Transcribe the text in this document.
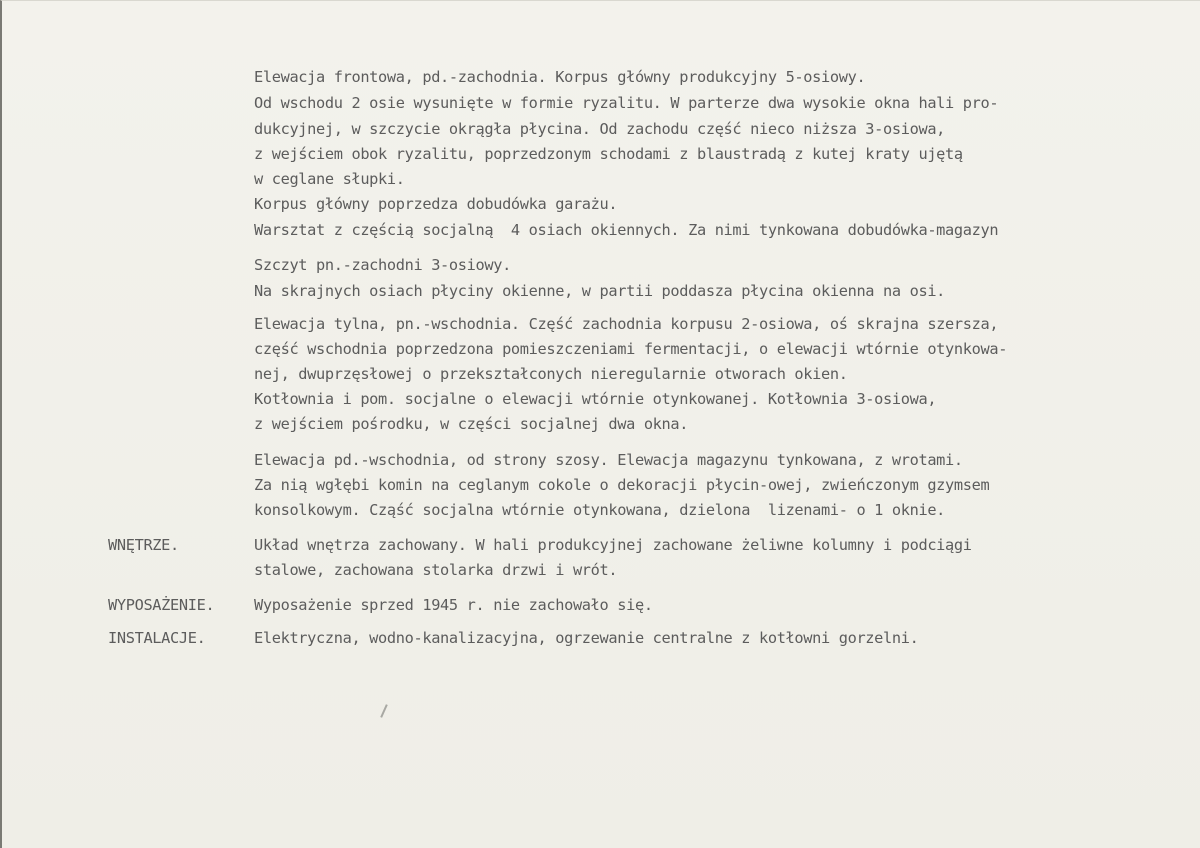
Elewacja frontowa, pd.-zachodnia. Korpus główny produkcyjny 5-osiowy.
Od wschodu 2 osie wysunięte w formie ryzalitu. W parterze dwa wysokie okna hali pro-
dukcyjnej, w szczycie okrągła płycina. Od zachodu część nieco niższa 3-osiowa,
z wejściem obok ryzalitu, poprzedzonym schodami z blaustradą z kutej kraty ujętą
w ceglane słupki.
Korpus główny poprzedza dobudówka garażu.
Warsztat z częścią socjalną  4 osiach okiennych. Za nimi tynkowana dobudówka-magazyn
Szczyt pn.-zachodni 3-osiowy.
Na skrajnych osiach płyciny okienne, w partii poddasza płycina okienna na osi.
Elewacja tylna, pn.-wschodnia. Część zachodnia korpusu 2-osiowa, oś skrajna szersza,
część wschodnia poprzedzona pomieszczeniami fermentacji, o elewacji wtórnie otynkowa-
nej, dwuprzęsłowej o przekształconych nieregularnie otworach okien.
Kotłownia i pom. socjalne o elewacji wtórnie otynkowanej. Kotłownia 3-osiowa,
z wejściem pośrodku, w części socjalnej dwa okna.
Elewacja pd.-wschodnia, od strony szosy. Elewacja magazynu tynkowana, z wrotami.
Za nią wgłębi komin na ceglanym cokole o dekoracji płycin-owej, zwieńczonym gzymsem
konsolkowym. Cząść socjalna wtórnie otynkowana, dzielona  lizenami- o 1 oknie.
WNĘTRZE.	Układ wnętrza zachowany. W hali produkcyjnej zachowane żeliwne kolumny i podciągi
stalowe, zachowana stolarka drzwi i wrót.
WYPOSAŻENIE.	Wyposażenie sprzed 1945 r. nie zachowało się.
INSTALACJE.	Elektryczna, wodno-kanalizacyjna, ogrzewanie centralne z kotłowni gorzelni.
